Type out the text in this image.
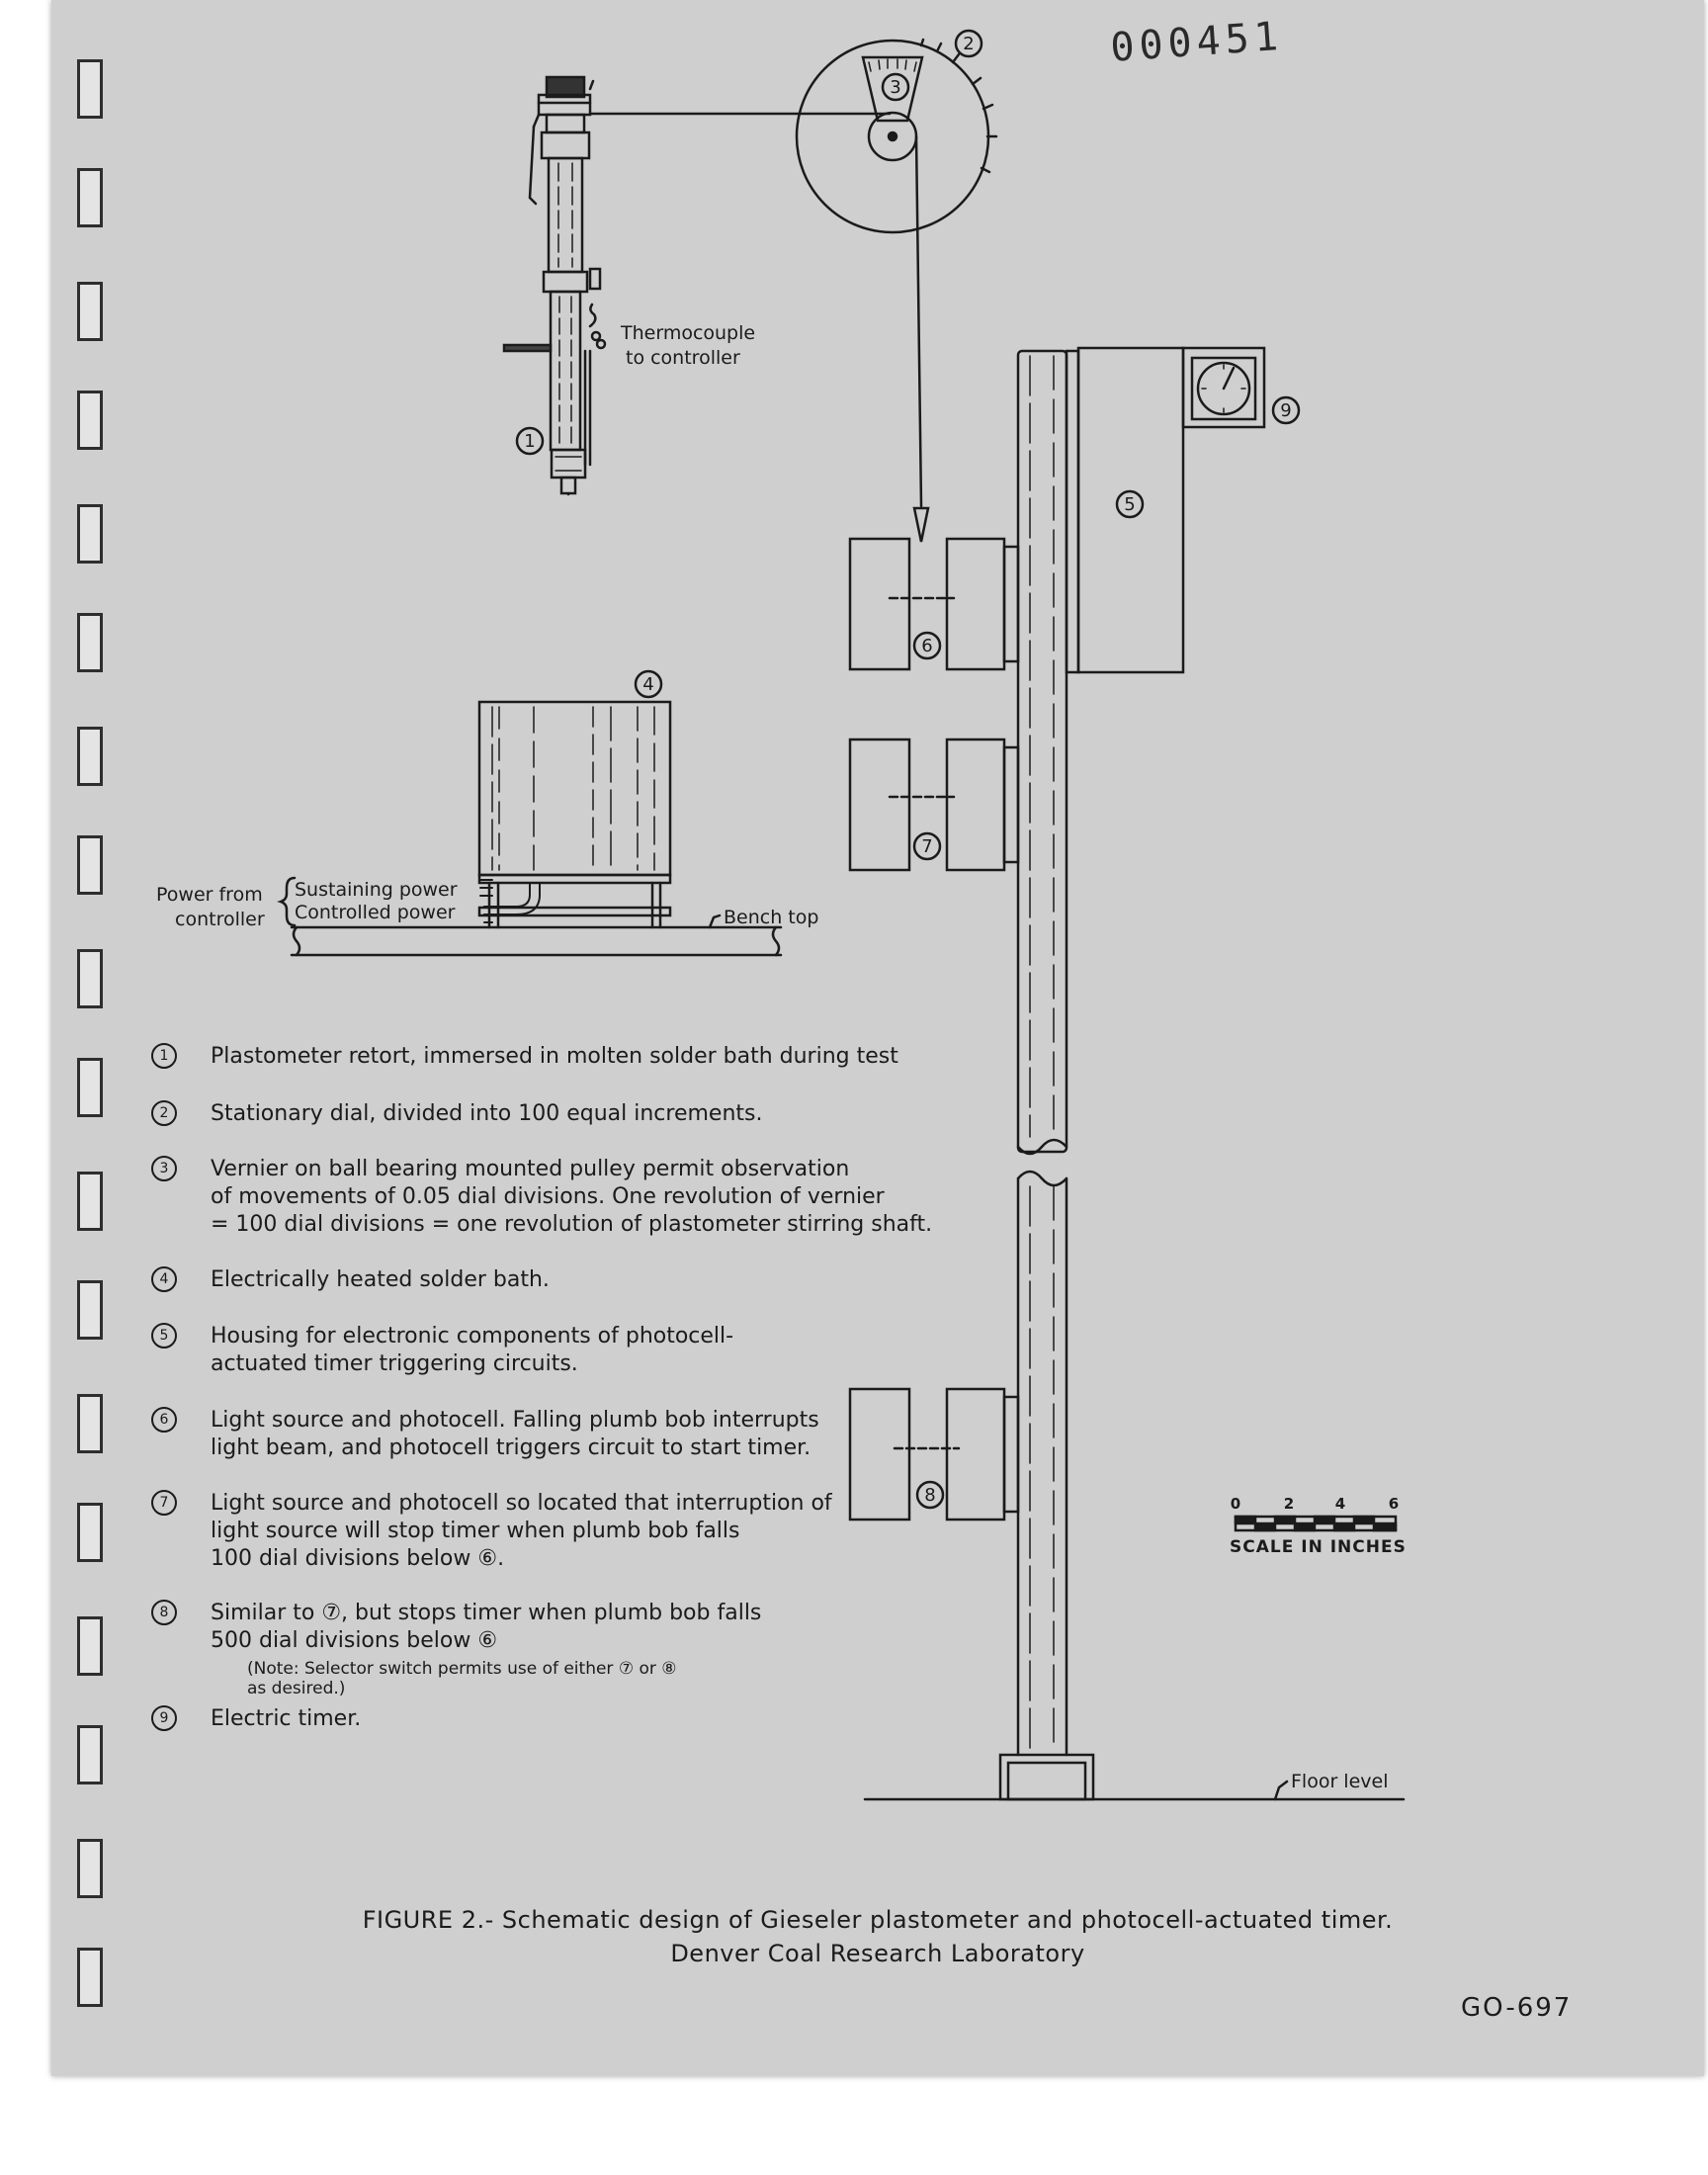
000451
1
2
3
4
5
6
7
8
9
Thermocouple
to controller
Power from
controller
Sustaining power
Controlled power	Bench top
Floor level
0	2	4	6
SCALE IN INCHES
1	Plastometer retort, immersed in molten solder bath during test
2	Stationary dial, divided into 100 equal increments.
3	Vernier on ball bearing mounted pulley permit observation
of movements of 0.05 dial divisions. One revolution of vernier
= 100 dial divisions = one revolution of plastometer stirring shaft.
4	Electrically heated solder bath.
5	Housing for electronic components of photocell-
actuated timer triggering circuits.
6	Light source and photocell. Falling plumb bob interrupts
light beam, and photocell triggers circuit to start timer.
7	Light source and photocell so located that interruption of
light source will stop timer when plumb bob falls
100 dial divisions below ⑥.
8	Similar to ⑦, but stops timer when plumb bob falls
500 dial divisions below ⑥
(Note: Selector switch permits use of either ⑦ or ⑧
as desired.)
9	Electric timer.
FIGURE 2.- Schematic design of Gieseler plastometer and photocell-actuated timer.
Denver Coal Research Laboratory
GO-697
